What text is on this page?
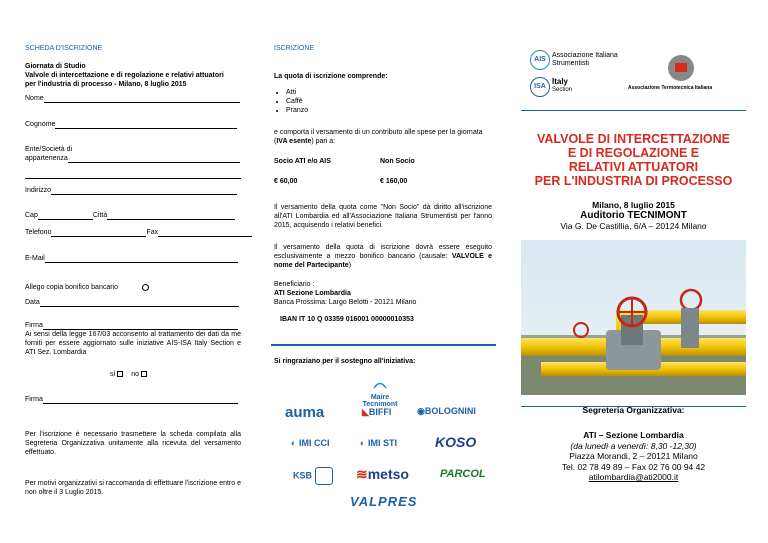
SCHEDA D'ISCRIZIONE
Giornata di Studio
Valvole di intercettazione e di regolazione e relativi attuatori
per l'industria di processo - Milano, 8 luglio 2015
Nome
Cognome
Ente/Società di
appartenenza
Indirizzo
Cap	Città
Telefono	Fax
E-Mail
Allego copia bonifico bancario
Data
Firma
Ai sensi della legge 167/03 acconsento al trattamento dei dati da me forniti per essere aggiornato sulle iniziative AIS-ISA Italy Section e ATI Sez. Lombardia
sì no
Firma
Per l'iscrizione è necessario trasmettere la scheda compilata alla Segreteria Organizzativa unitamente alla ricevuta del versamento effettuato.
Per motivi organizzativi si raccomanda di effettuare l'iscrizione entro e non oltre il 3 Luglio 2015.
ISCRIZIONE
La quota di iscrizione comprende:
• Atti
• Caffè
• Pranzo
e comporta il versamento di un contributo alle spese per la giornata (IVA esente) pari a:
Socio ATI e/o AIS	Non Socio
€ 60,00	€ 160,00
Il versamento della quota come "Non Socio" dà diritto all'iscrizione all'ATI Lombardia ed all'Associazione Italiana Strumentisti per l'anno 2015, acquisendo i relativi benefici.
Il versamento della quota di iscrizione dovrà essere eseguito esclusivamente a mezzo bonifico bancario (causale: VALVOLE e nome del Partecipante)
Beneficiario :
ATI Sezione Lombardia
Banca Prossima: Largo Belotti - 20121 Milano
IBAN IT 10 Q 03359 016001 00000010353
Si ringraziano per il sostegno all'iniziativa:
Maire
Tecnimont
auma	◣BIFFI	◉BOLOGNINI
◐ IMI CCI	◐ IMI STI	KOSO
KSB	≋metso	PARCOL
VALPRES
AIS
Associazione Italiana
Strumentisti
ISA
Italy
Section	Associazione Termotecnica Italiana
VALVOLE DI INTERCETTAZIONE
E DI REGOLAZIONE E
RELATIVI ATTUATORI
PER L'INDUSTRIA DI PROCESSO
Milano, 8 luglio 2015
Auditorio TECNIMONT
Via G. De Castillia, 6/A – 20124 Milano
Segreteria Organizzativa:
ATI – Sezione Lombardia
(da lunedì a venerdì: 8,30 -12,30)
Piazza Morandi, 2 – 20121 Milano
Tel. 02 78 49 89 – Fax 02 76 00 94 42
atilombardia@ati2000.it
